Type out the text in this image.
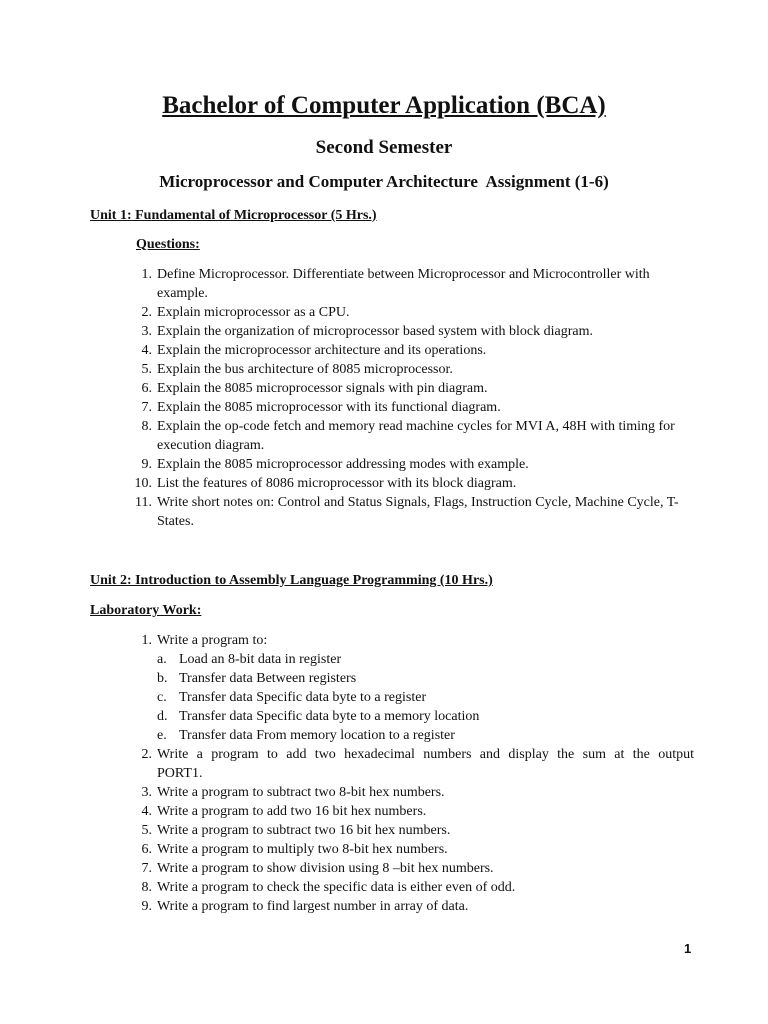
Bachelor of Computer Application (BCA)
Second Semester
Microprocessor and Computer Architecture  Assignment (1-6)
Unit 1: Fundamental of Microprocessor (5 Hrs.)
Questions:
1. Define Microprocessor. Differentiate between Microprocessor and Microcontroller with example.
2. Explain microprocessor as a CPU.
3. Explain the organization of microprocessor based system with block diagram.
4. Explain the microprocessor architecture and its operations.
5. Explain the bus architecture of 8085 microprocessor.
6. Explain the 8085 microprocessor signals with pin diagram.
7. Explain the 8085 microprocessor with its functional diagram.
8. Explain the op-code fetch and memory read machine cycles for MVI A, 48H with timing for execution diagram.
9. Explain the 8085 microprocessor addressing modes with example.
10. List the features of 8086 microprocessor with its block diagram.
11. Write short notes on: Control and Status Signals, Flags, Instruction Cycle, Machine Cycle, T-States.
Unit 2: Introduction to Assembly Language Programming (10 Hrs.)
Laboratory Work:
1. Write a program to:
a. Load an 8-bit data in register
b. Transfer data Between registers
c. Transfer data Specific data byte to a register
d. Transfer data Specific data byte to a memory location
e. Transfer data From memory location to a register
2. Write a program to add two hexadecimal numbers and display the sum at the output PORT1.
3. Write a program to subtract two 8-bit hex numbers.
4. Write a program to add two 16 bit hex numbers.
5. Write a program to subtract two 16 bit hex numbers.
6. Write a program to multiply two 8-bit hex numbers.
7. Write a program to show division using 8 –bit hex numbers.
8. Write a program to check the specific data is either even of odd.
9. Write a program to find largest number in array of data.
1
